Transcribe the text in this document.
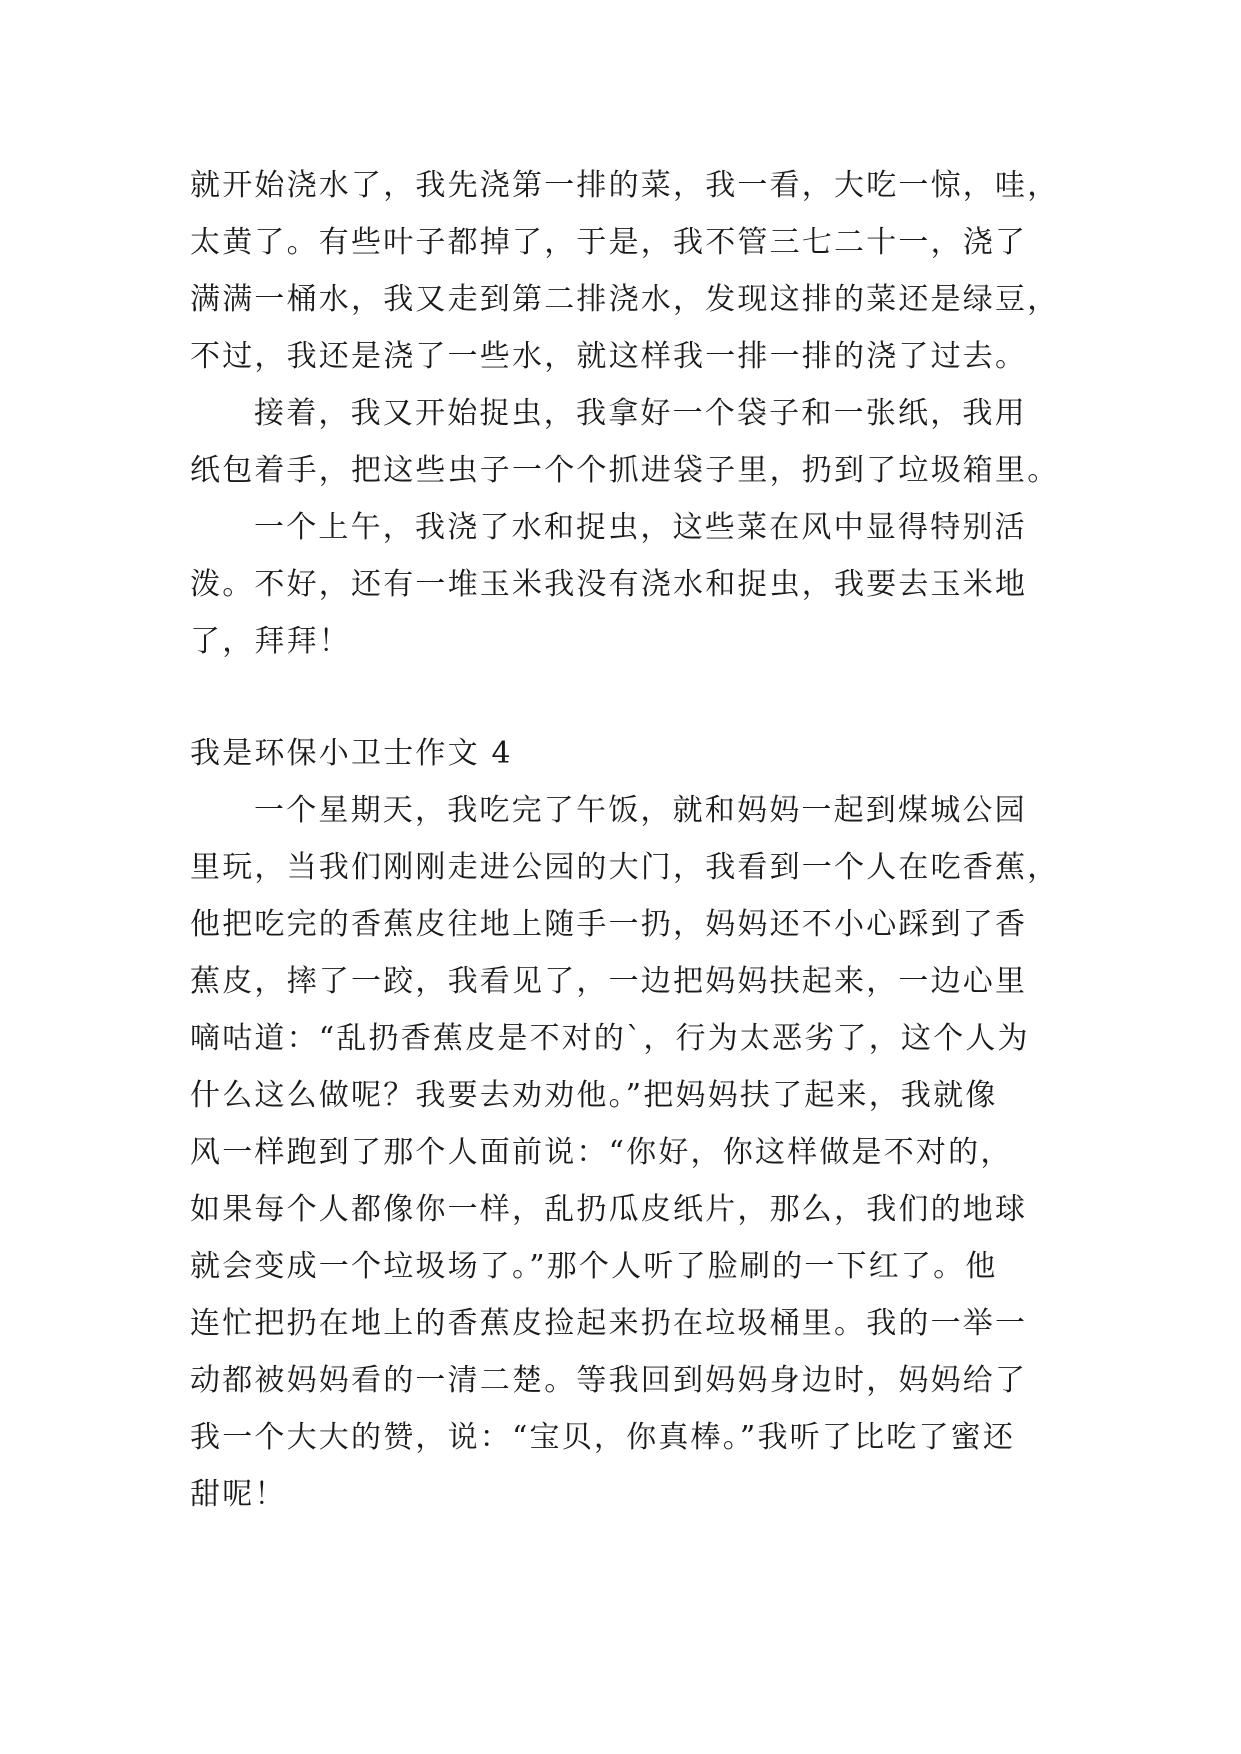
就开始浇水了，我先浇第一排的菜，我一看，大吃一惊，哇，
太黄了。有些叶子都掉了，于是，我不管三七二十一，浇了
满满一桶水，我又走到第二排浇水，发现这排的菜还是绿豆，
不过，我还是浇了一些水，就这样我一排一排的浇了过去。
接着，我又开始捉虫，我拿好一个袋子和一张纸，我用
纸包着手，把这些虫子一个个抓进袋子里，扔到了垃圾箱里。
一个上午，我浇了水和捉虫，这些菜在风中显得特别活
泼。不好，还有一堆玉米我没有浇水和捉虫，我要去玉米地
了，拜拜！
我是环保小卫士作文 4
一个星期天，我吃完了午饭，就和妈妈一起到煤城公园
里玩，当我们刚刚走进公园的大门，我看到一个人在吃香蕉，
他把吃完的香蕉皮往地上随手一扔，妈妈还不小心踩到了香
蕉皮，摔了一跤，我看见了，一边把妈妈扶起来，一边心里
嘀咕道：“乱扔香蕉皮是不对的`，行为太恶劣了，这个人为
什么这么做呢？我要去劝劝他。”把妈妈扶了起来，我就像
风一样跑到了那个人面前说：“你好，你这样做是不对的，
如果每个人都像你一样，乱扔瓜皮纸片，那么，我们的地球
就会变成一个垃圾场了。”那个人听了脸刷的一下红了。他
连忙把扔在地上的香蕉皮捡起来扔在垃圾桶里。我的一举一
动都被妈妈看的一清二楚。等我回到妈妈身边时，妈妈给了
我一个大大的赞，说：“宝贝，你真棒。”我听了比吃了蜜还
甜呢！
